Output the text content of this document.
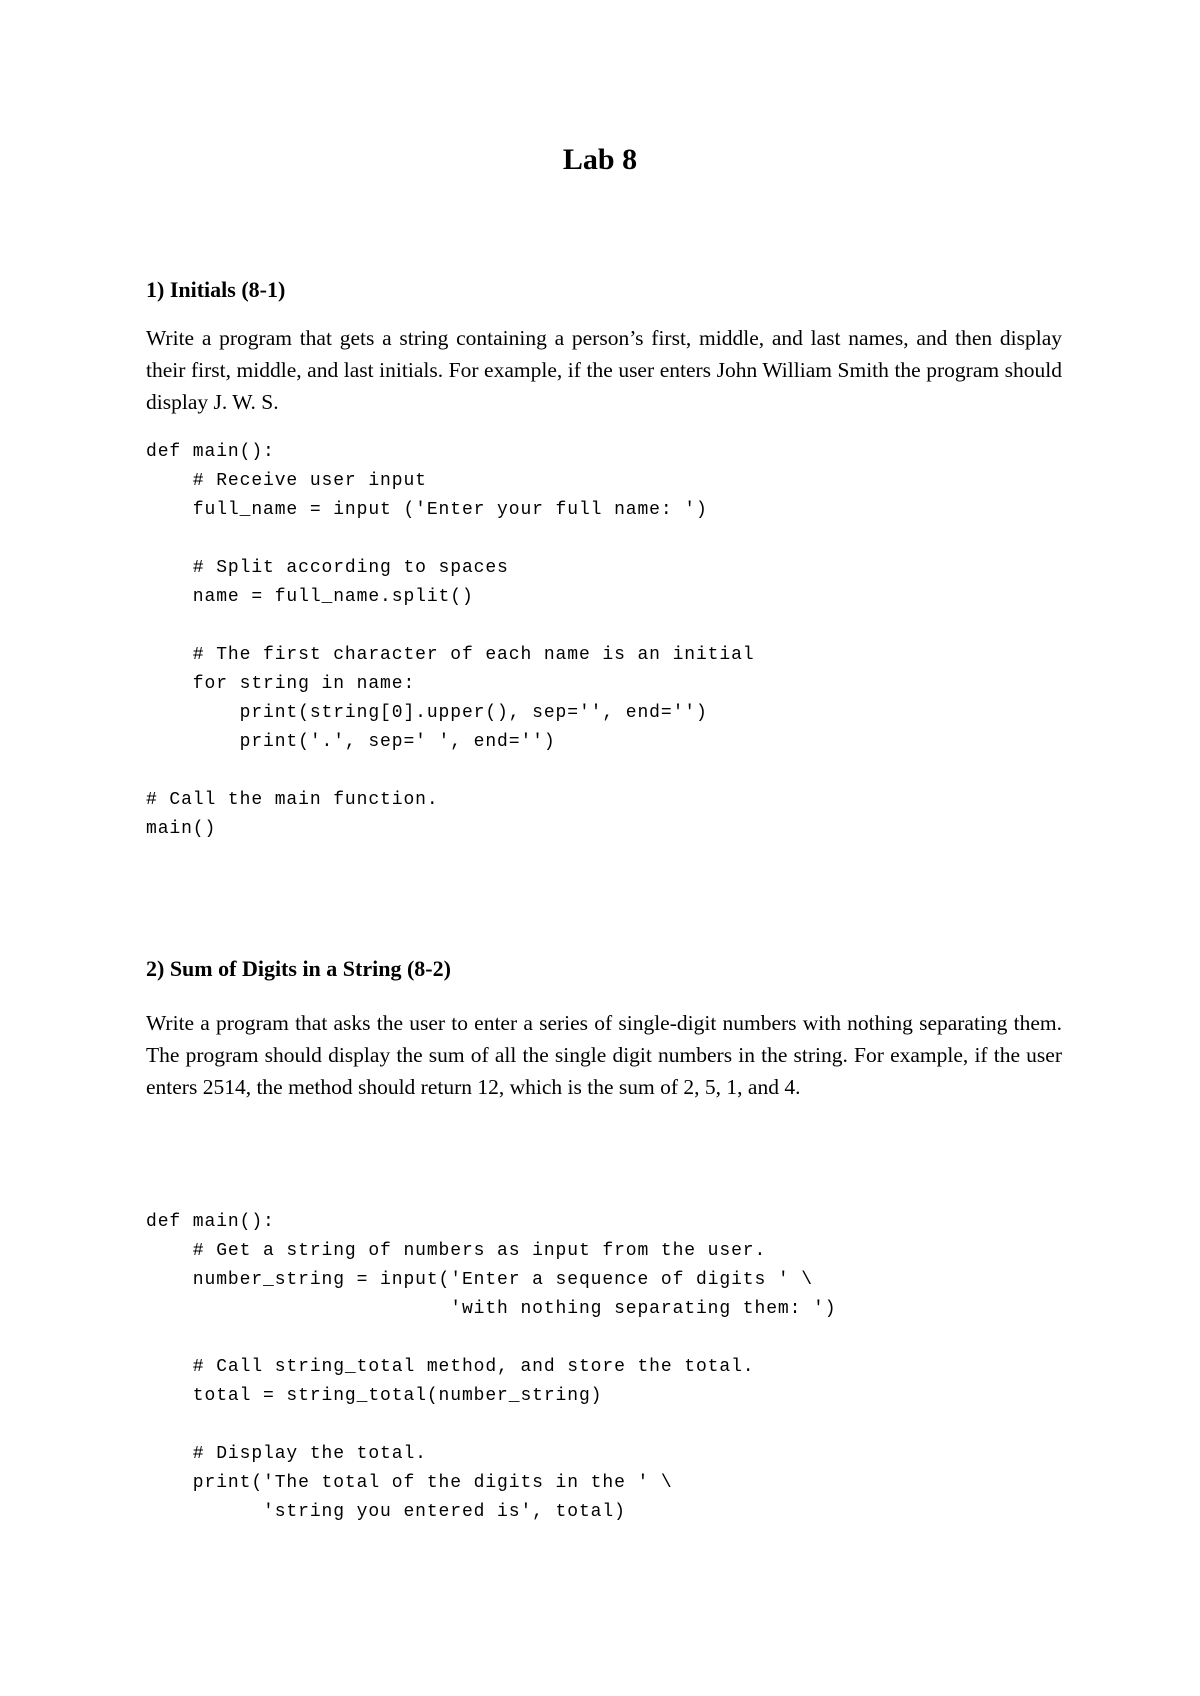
Lab 8
1) Initials (8-1)
Write a program that gets a string containing a person’s first, middle, and last names, and then display their first, middle, and last initials. For example, if the user enters John William Smith the program should display J. W. S.
def main():
# Receive user input
full_name = input ('Enter your full name: ')
# Split according to spaces
name = full_name.split()
# The first character of each name is an initial
for string in name:
print(string[0].upper(), sep='', end='')
print('.', sep=' ', end='')
# Call the main function.
main()
2) Sum of Digits in a String (8-2)
Write a program that asks the user to enter a series of single-digit numbers with nothing separating them. The program should display the sum of all the single digit numbers in the string. For example, if the user enters 2514, the method should return 12, which is the sum of 2, 5, 1, and 4.
def main():
# Get a string of numbers as input from the user.
number_string = input('Enter a sequence of digits ' \
'with nothing separating them: ')
# Call string_total method, and store the total.
total = string_total(number_string)
# Display the total.
print('The total of the digits in the ' \
'string you entered is', total)
